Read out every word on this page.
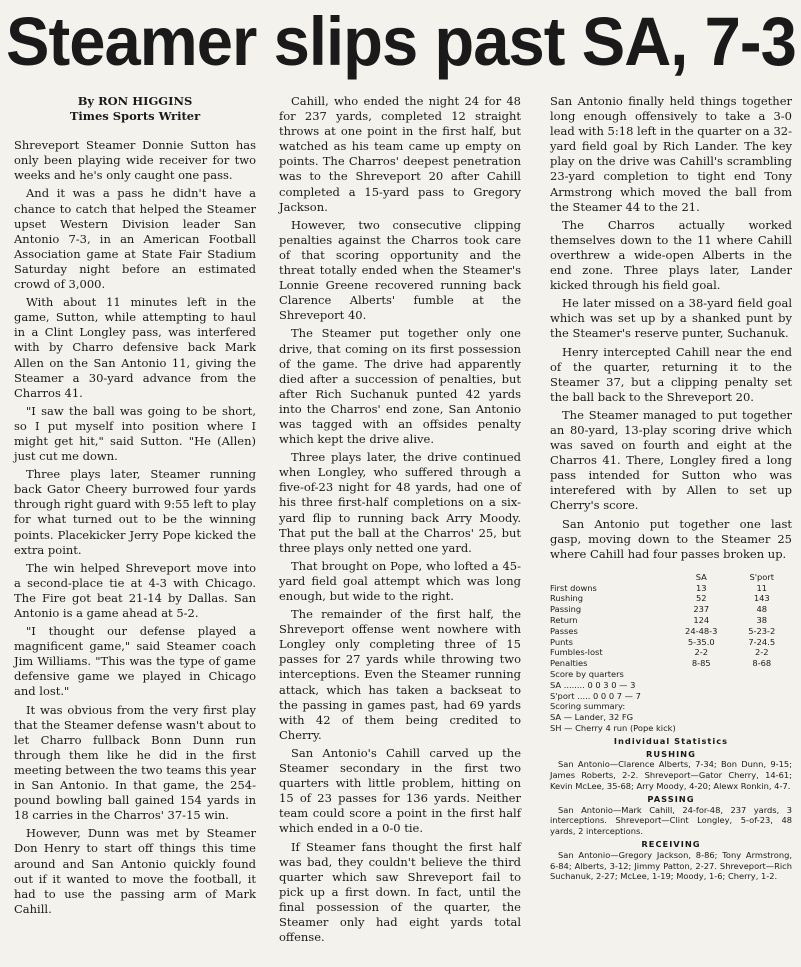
Steamer slips past SA, 7-3
By RON HIGGINS
Times Sports Writer

Shreveport Steamer Donnie Sutton has only been playing wide receiver for two weeks and he's only caught one pass.

And it was a pass he didn't have a chance to catch that helped the Steamer upset Western Division leader San Antonio 7-3, in an American Football Association game at State Fair Stadium Saturday night before an estimated crowd of 3,000.

With about 11 minutes left in the game, Sutton, while attempting to haul in a Clint Longley pass, was interfered with by Charro defensive back Mark Allen on the San Antonio 11, giving the Steamer a 30-yard advance from the Charros 41.

"I saw the ball was going to be short, so I put myself into position where I might get hit," said Sutton. "He (Allen) just cut me down.

Three plays later, Steamer running back Gator Cheery burrowed four yards through right guard with 9:55 left to play for what turned out to be the winning points. Placekicker Jerry Pope kicked the extra point.

The win helped Shreveport move into a second-place tie at 4-3 with Chicago. The Fire got beat 21-14 by Dallas. San Antonio is a game ahead at 5-2.

"I thought our defense played a magnificent game," said Steamer coach Jim Williams. "This was the type of game defensive game we played in Chicago and lost."

It was obvious from the very first play that the Steamer defense wasn't about to let Charro fullback Bonn Dunn run through them like he did in the first meeting between the two teams this year in San Antonio. In that game, the 254-pound bowling ball gained 154 yards in 18 carries in the Charros' 37-15 win.

However, Dunn was met by Steamer Don Henry to start off things this time around and San Antonio quickly found out if it wanted to move the football, it had to use the passing arm of Mark Cahill.

Cahill, who ended the night 24 for 48 for 237 yards, completed 12 straight throws at one point in the first half, but watched as his team came up empty on points. The Charros' deepest penetration was to the Shreveport 20 after Cahill completed a 15-yard pass to Gregory Jackson.

However, two consecutive clipping penalties against the Charros took care of that scoring opportunity and the threat totally ended when the Steamer's Lonnie Greene recovered running back Clarence Alberts' fumble at the Shreveport 40.

The Steamer put together only one drive, that coming on its first possession of the game. The drive had apparently died after a succession of penalties, but after Rich Suchanuk punted 42 yards into the Charros' end zone, San Antonio was tagged with an offsides penalty which kept the drive alive.

Three plays later, the drive continued when Longley, who suffered through a five-of-23 night for 48 yards, had one of his three first-half completions on a six-yard flip to running back Arry Moody. That put the ball at the Charros' 25, but three plays only netted one yard.

That brought on Pope, who lofted a 45-yard field goal attempt which was long enough, but wide to the right.

The remainder of the first half, the Shreveport offense went nowhere with Longley only completing three of 15 passes for 27 yards while throwing two interceptions. Even the Steamer running attack, which has taken a backseat to the passing in games past, had 69 yards with 42 of them being credited to Cherry.

San Antonio's Cahill carved up the Steamer secondary in the first two quarters with little problem, hitting on 15 of 23 passes for 136 yards. Neither team could score a point in the first half which ended in a 0-0 tie.

If Steamer fans thought the first half was bad, they couldn't believe the third quarter which saw Shreveport fail to pick up a first down. In fact, until the final possession of the quarter, the Steamer only had eight yards total offense.

San Antonio finally held things together long enough offensively to take a 3-0 lead with 5:18 left in the quarter on a 32-yard field goal by Rich Lander. The key play on the drive was Cahill's scrambling 23-yard completion to tight end Tony Armstrong which moved the ball from the Steamer 44 to the 21.

The Charros actually worked themselves down to the 11 where Cahill overthrew a wide-open Alberts in the end zone. Three plays later, Lander kicked through his field goal.

He later missed on a 38-yard field goal which was set up by a shanked punt by the Steamer's reserve punter, Suchanuk.

Henry intercepted Cahill near the end of the quarter, returning it to the Steamer 37, but a clipping penalty set the ball back to the Shreveport 20.

The Steamer managed to put together an 80-yard, 13-play scoring drive which was saved on fourth and eight at the Charros 41. There, Longley fired a long pass intended for Sutton who was interefered with by Allen to set up Cherry's score.

San Antonio put together one last gasp, moving down to the Steamer 25 where Cahill had four passes broken up.

	SA	S'port
First downs	13	11
Rushing	52	143
Passing	237	48
Return	124	38
Passes	24-48-3	5-23-2
Punts	5-35.0	7-24.5
Fumbles-lost	2-2	2-2
Penalties	8-85	8-68
Score by quarters
SA ........ 0 0 3 0 — 3
S'port ..... 0 0 0 7 — 7
Scoring summary:
SA — Lander, 32 FG
SH — Cherry 4 run (Pope kick)
Individual Statistics
RUSHING
San Antonio—Clarence Alberts, 7-34; Bon Dunn, 9-15; James Roberts, 2-2. Shreveport—Gator Cherry, 14-61; Kevin McLee, 35-68; Arry Moody, 4-20; Alewx Ronkin, 4-7.
PASSING
San Antonio—Mark Cahill, 24-for-48, 237 yards, 3 interceptions. Shreveport—Clint Longley, 5-of-23, 48 yards, 2 interceptions.
RECEIVING
San Antonio—Gregory Jackson, 8-86; Tony Armstrong, 6-84; Alberts, 3-12; Jimmy Patton, 2-27. Shreveport—Rich Suchanuk, 2-27; McLee, 1-19; Moody, 1-6; Cherry, 1-2.
